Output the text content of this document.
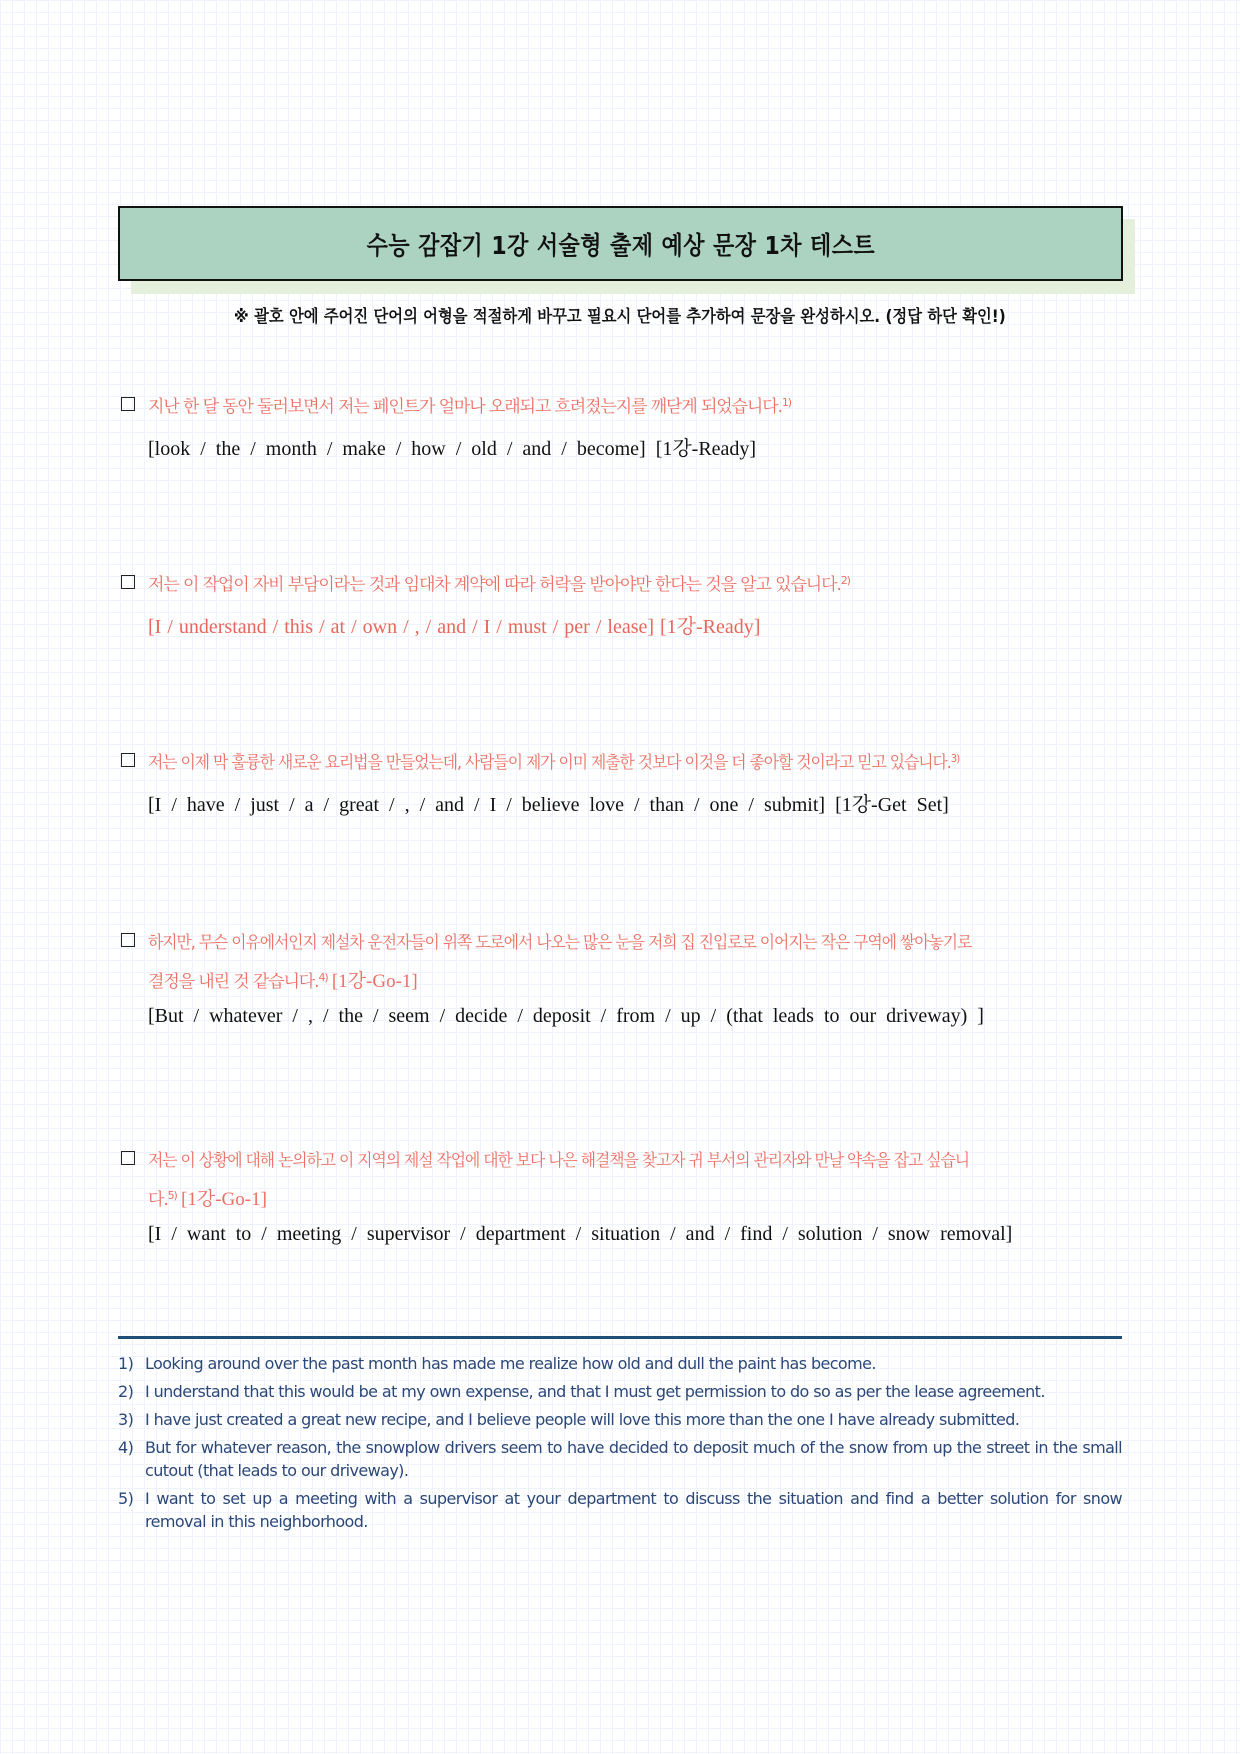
수능 감잡기 1강 서술형 출제 예상 문장 1차 테스트
※ 괄호 안에 주어진 단어의 어형을 적절하게 바꾸고 필요시 단어를 추가하여 문장을 완성하시오. (정답 하단 확인!)
지난 한 달 동안 둘러보면서 저는 페인트가 얼마나 오래되고 흐려졌는지를 깨닫게 되었습니다.$^{1)}$
[look / the / month / make / how / old / and / become] [1강-Ready]
저는 이 작업이 자비 부담이라는 것과 임대차 계약에 따라 허락을 받아야만 한다는 것을 알고 있습니다.$^{2)}$
[I / understand / this / at / own / , / and / I / must / per / lease] [1강-Ready]
저는 이제 막 훌륭한 새로운 요리법을 만들었는데, 사람들이 제가 이미 제출한 것보다 이것을 더 좋아할 것이라고 믿고 있습니다.$^{3)}$
[I / have / just / a / great / , / and / I / believe love / than / one / submit] [1강-Get Set]
하지만, 무슨 이유에서인지 제설차 운전자들이 위쪽 도로에서 나오는 많은 눈을 저희 집 진입로로 이어지는 작은 구역에 쌓아놓기로
결정을 내린 것 같습니다.$^{4)}$ [1강-Go-1]
[But / whatever / , / the / seem / decide / deposit / from / up / (that leads to our driveway) ]
저는 이 상황에 대해 논의하고 이 지역의 제설 작업에 대한 보다 나은 해결책을 찾고자 귀 부서의 관리자와 만날 약속을 잡고 싶습니
다.$^{5)}$ [1강-Go-1]
[I / want to / meeting / supervisor / department / situation / and / find / solution / snow removal]
1) Looking around over the past month has made me realize how old and dull the paint has become.
2) I understand that this would be at my own expense, and that I must get permission to do so as per the lease agreement.
3) I have just created a great new recipe, and I believe people will love this more than the one I have already submitted.
4) But for whatever reason, the snowplow drivers seem to have decided to deposit much of the snow from up the street in the small cutout (that leads to our driveway).
5) I want to set up a meeting with a supervisor at your department to discuss the situation and find a better solution for snow removal in this neighborhood.
